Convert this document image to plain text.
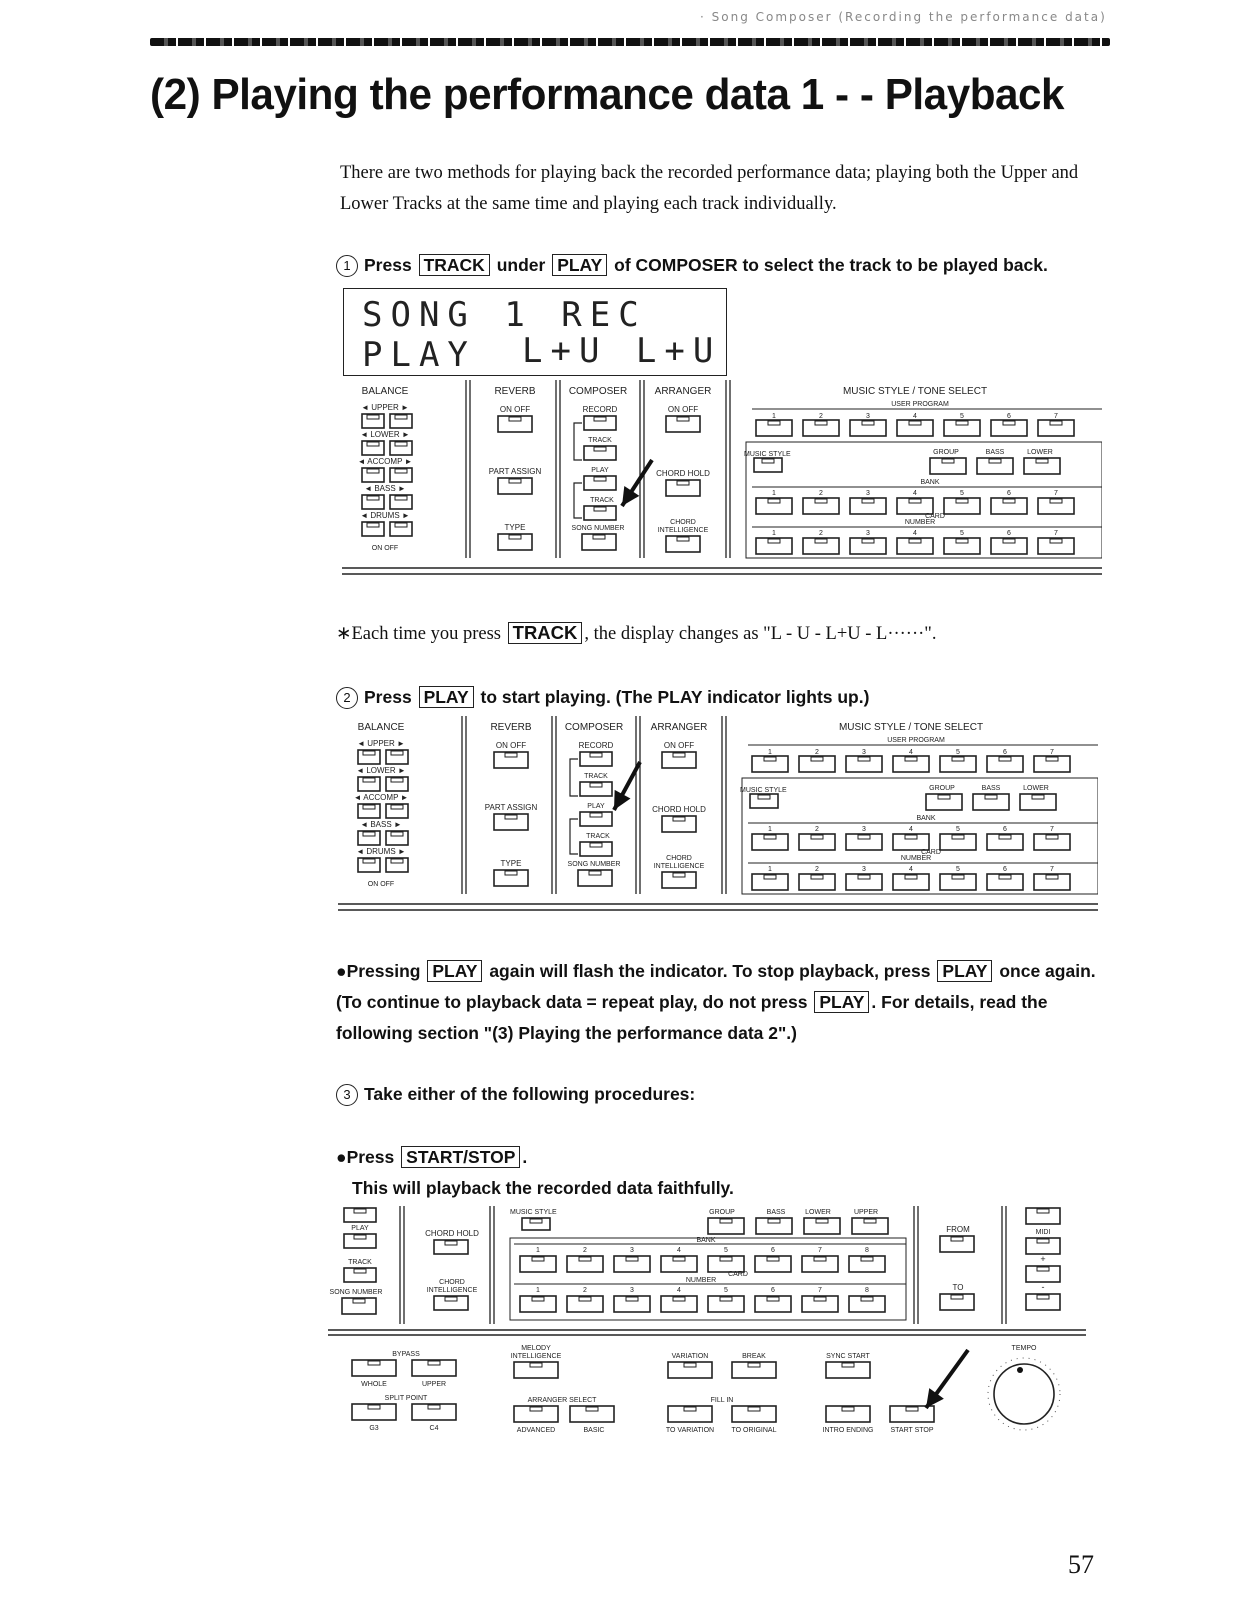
· Song Composer (Recording the performance data)
(2) Playing the performance data 1 - - Playback
There are two methods for playing back the recorded performance data; playing both the Upper and Lower Tracks at the same time and playing each track individually.
1 Press TRACK under PLAY of COMPOSER to select the track to be played back.
SONG 1 REC PLAY	L+U L+U
BALANCE
◄ UPPER ►
◄ LOWER ►
◄ ACCOMP ►
◄ BASS ►
◄ DRUMS ►
ON OFF
REVERB
ON OFF
PART ASSIGN
TYPE
COMPOSER
RECORD
TRACK
PLAY
TRACK
SONG NUMBER
ARRANGER
ON OFF
CHORD HOLD
CHORD
INTELLIGENCE
MUSIC STYLE / TONE SELECT
USER PROGRAM
1	2	3	4	5	6	7
MUSIC STYLE	GROUP	BASS	LOWER
BANK
1	2	3	4	5	6	7
CARD
NUMBER
1	2	3	4	5	6	7
∗Each time you press TRACK , the display changes as "L - U - L+U - L······".
2 Press PLAY to start playing. (The PLAY indicator lights up.)
BALANCE
◄ UPPER ►
◄ LOWER ►
◄ ACCOMP ►
◄ BASS ►
◄ DRUMS ►
ON OFF
REVERB
ON OFF
PART ASSIGN
TYPE
COMPOSER
RECORD
TRACK
PLAY
TRACK
SONG NUMBER
ARRANGER
ON OFF
CHORD HOLD
CHORD
INTELLIGENCE
MUSIC STYLE / TONE SELECT
USER PROGRAM
1	2	3	4	5	6	7
MUSIC STYLE	GROUP	BASS	LOWER
BANK
1	2	3	4	5	6	7
CARD
NUMBER
1	2	3	4	5	6	7
●Pressing PLAY again will flash the indicator. To stop playback, press PLAY once again. (To continue to playback data = repeat play, do not press PLAY . For details, read the following section "(3) Playing the performance data 2".)
3 Take either of the following procedures:
●Press START/STOP .
This will playback the recorded data faithfully.
PLAY
TRACK
SONG NUMBER
CHORD HOLD
CHORD
INTELLIGENCE
MUSIC STYLE	GROUP	BASS	LOWER	UPPER
BANK
1	2	3	4	5	6	7	8
CARD
NUMBER
1	2	3	4	5	6	7	8
FROM
TO
MIDI
+
-
BYPASS
WHOLE	UPPER
SPLIT POINT
G3	C4
MELODY
INTELLIGENCE
ARRANGER SELECT
ADVANCED	BASIC
VARIATION	BREAK
FILL IN
TO VARIATION TO ORIGINAL
SYNC START
INTRO ENDING START STOP
TEMPO
57
